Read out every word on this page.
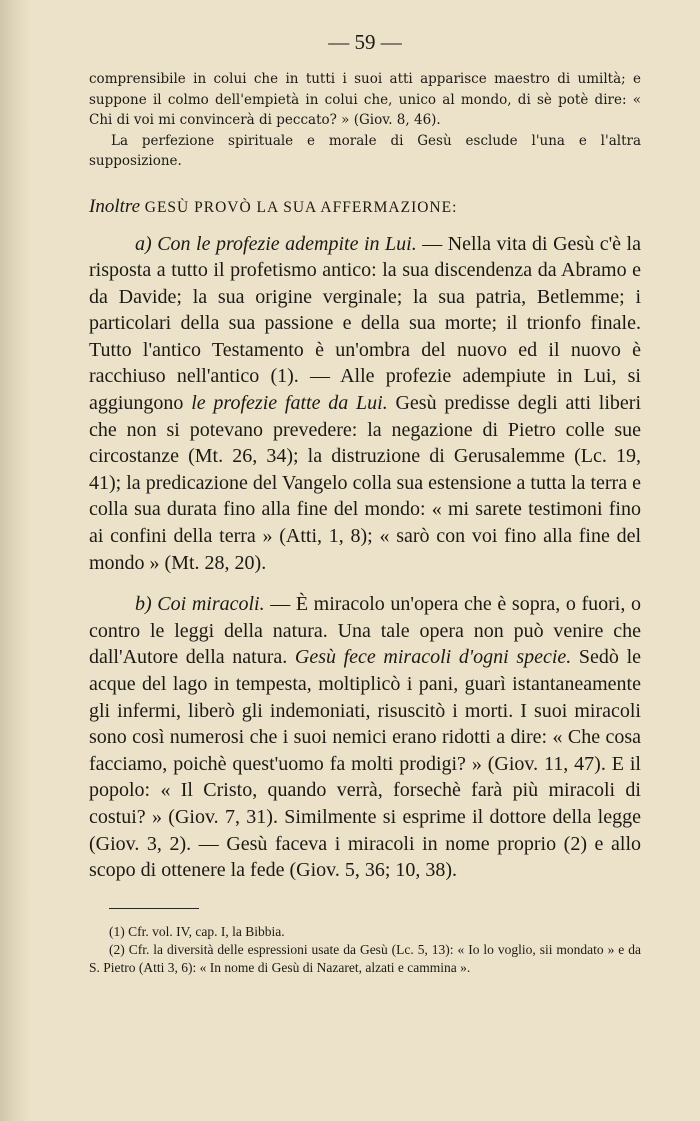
— 59 —

comprensibile in colui che in tutti i suoi atti apparisce maestro di umiltà; e suppone il colmo dell'empietà in colui che, unico al mondo, di sè potè dire: « Chi di voi mi convincerà di peccato? » (Giov. 8, 46).

La perfezione spirituale e morale di Gesù esclude l'una e l'altra supposizione.

Inoltre GESÙ PROVÒ LA SUA AFFERMAZIONE:

a) Con le profezie adempite in Lui. — Nella vita di Gesù c'è la risposta a tutto il profetismo antico: la sua discendenza da Abramo e da Davide; la sua origine verginale; la sua patria, Betlemme; i particolari della sua passione e della sua morte; il trionfo finale. Tutto l'antico Testamento è un'ombra del nuovo ed il nuovo è racchiuso nell'antico (1). — Alle profezie adempiute in Lui, si aggiungono le profezie fatte da Lui. Gesù predisse degli atti liberi che non si potevano prevedere: la negazione di Pietro colle sue circostanze (Mt. 26, 34); la distruzione di Gerusalemme (Lc. 19, 41); la predicazione del Vangelo colla sua estensione a tutta la terra e colla sua durata fino alla fine del mondo: « mi sarete testimoni fino ai confini della terra » (Atti, 1, 8); « sarò con voi fino alla fine del mondo » (Mt. 28, 20).

b) Coi miracoli. — È miracolo un'opera che è sopra, o fuori, o contro le leggi della natura. Una tale opera non può venire che dall'Autore della natura. Gesù fece miracoli d'ogni specie. Sedò le acque del lago in tempesta, moltiplicò i pani, guarì istantaneamente gli infermi, liberò gli indemoniati, risuscitò i morti. I suoi miracoli sono così numerosi che i suoi nemici erano ridotti a dire: « Che cosa facciamo, poichè quest'uomo fa molti prodigi? » (Giov. 11, 47). E il popolo: « Il Cristo, quando verrà, forsechè farà più miracoli di costui? » (Giov. 7, 31). Similmente si esprime il dottore della legge (Giov. 3, 2). — Gesù faceva i miracoli in nome proprio (2) e allo scopo di ottenere la fede (Giov. 5, 36; 10, 38).

(1) Cfr. vol. IV, cap. I, la Bibbia.

(2) Cfr. la diversità delle espressioni usate da Gesù (Lc. 5, 13): « Io lo voglio, sii mondato » e da S. Pietro (Atti 3, 6): « In nome di Gesù di Nazaret, alzati e cammina ».
